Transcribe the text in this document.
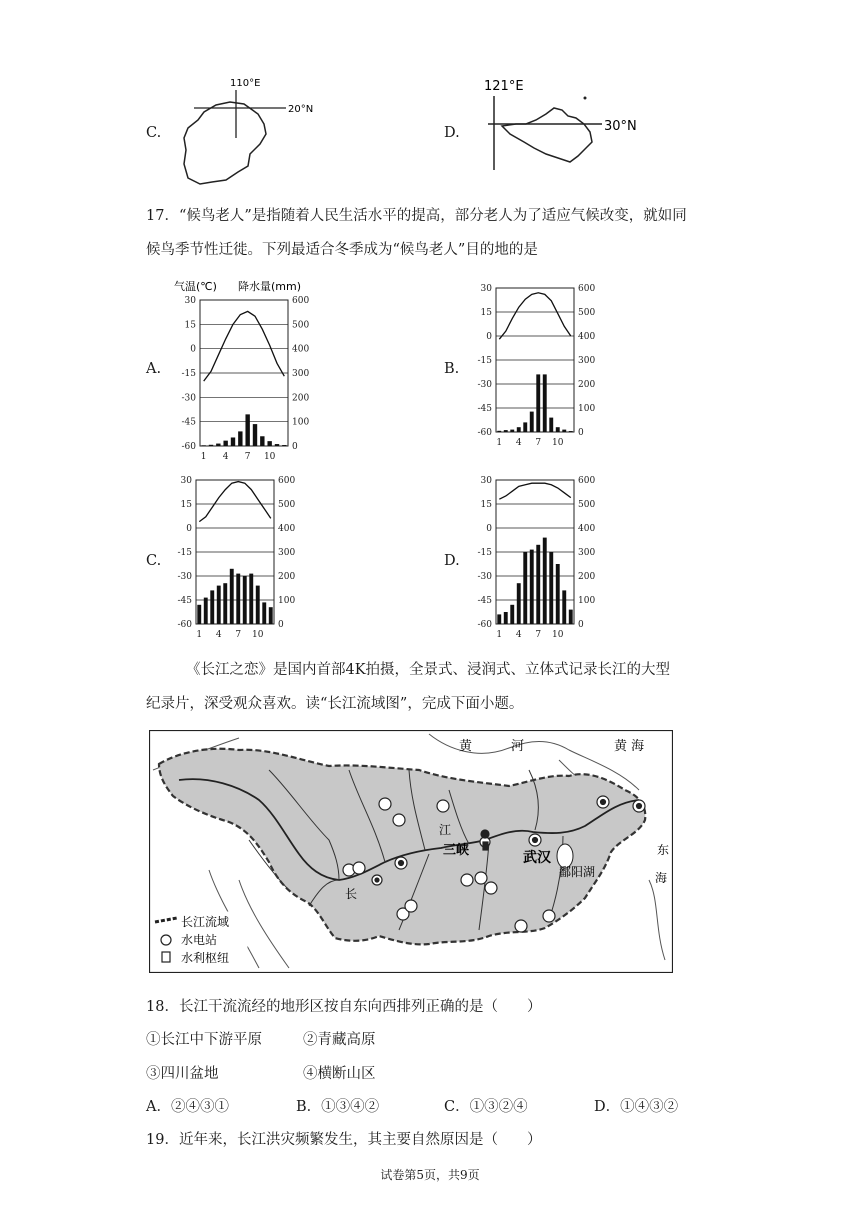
C.
110°E
20°N
D.
121°E
30°N
17．“候鸟老人”是指随着人民生活水平的提高，部分老人为了适应气候改变，就如同
候鸟季节性迁徙。下列最适合冬季成为“候鸟老人”目的地的是
A.	B.
C.	D.
气温(℃) 降水量(mm)
30	600
15	500
0	400
-15	300
-30	200
-45	100
-60	0
1 4 7 10
30	600
15	500
0	400
-15	300
-30	200
-45	100
-60	0
1 4 7 10
30	600
15	500
0	400
-15	300
-30	200
-45	100
-60	0
1 4 7 10
30	600
15	500
0	400
-15	300
-30	200
-45	100
-60	0
1 4 7 10
《长江之恋》是国内首部4K拍摄，全景式、浸润式、立体式记录长江的大型
纪录片，深受观众喜欢。读“长江流域图”，完成下面小题。
黄	河	黄 海
江
三峡	武汉
鄱阳湖
长
东
海
长江流域
水电站
水利枢纽
18．长江干流流经的地形区按自东向西排列正确的是（　　）
①长江中下游平原	②青藏高原
③四川盆地	④横断山区
A．②④③①	B．①③④②	C．①③②④	D．①④③②
19．近年来，长江洪灾频繁发生，其主要自然原因是（　　）
试卷第5页，共9页
